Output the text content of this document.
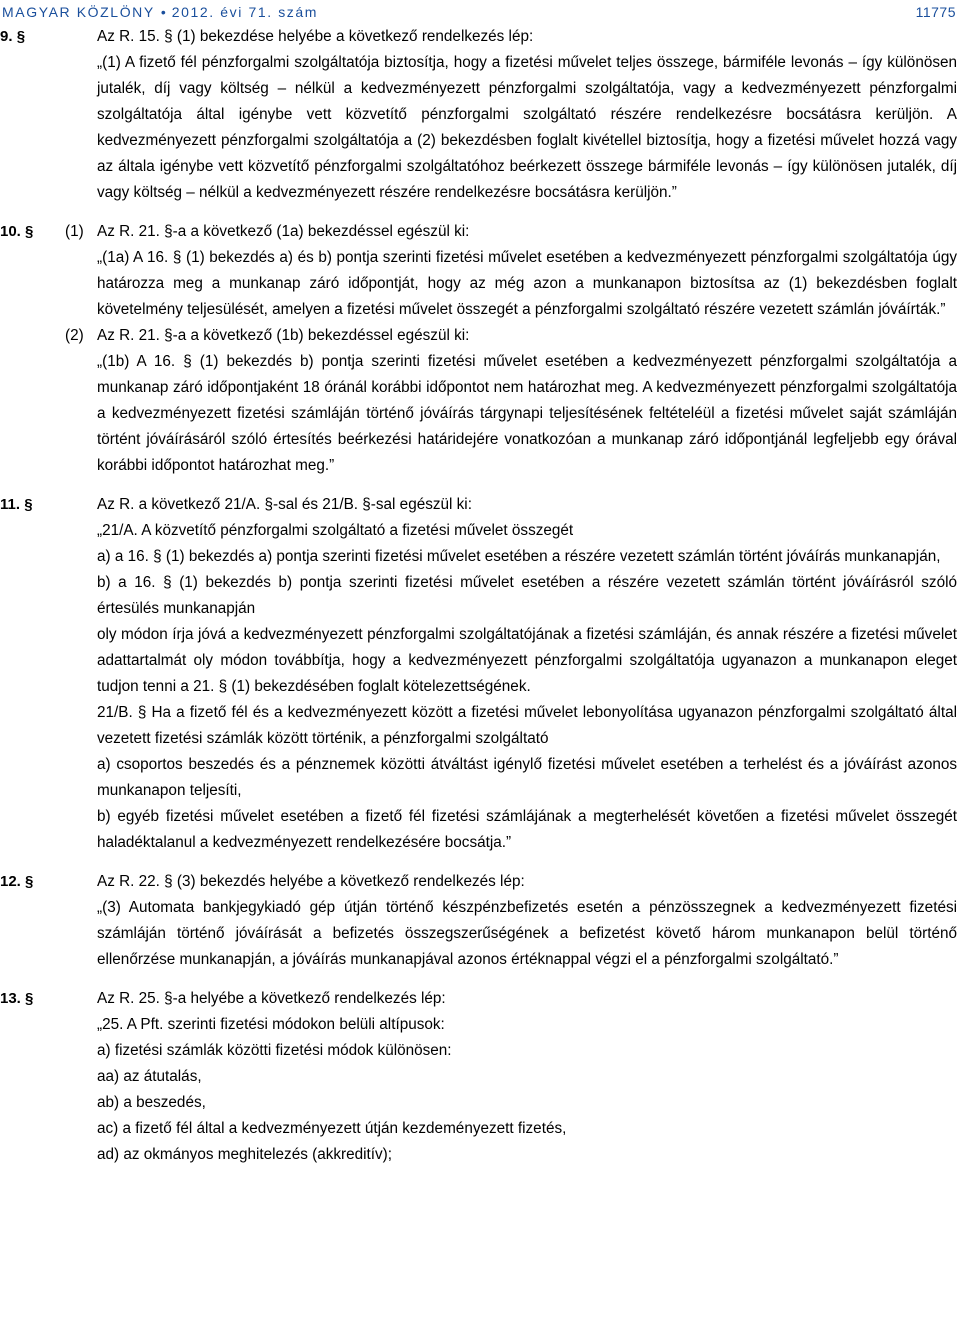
MAGYAR KÖZLÖNY • 2012. évi 71. szám	11775
9. §	Az R. 15. § (1) bekezdése helyébe a következő rendelkezés lép:

„(1) A fizető fél pénzforgalmi szolgáltatója biztosítja, hogy a fizetési művelet teljes összege, bármiféle levonás – így különösen jutalék, díj vagy költség – nélkül a kedvezményezett pénzforgalmi szolgáltatója, vagy a kedvezményezett pénzforgalmi szolgáltatója által igénybe vett közvetítő pénzforgalmi szolgáltató részére rendelkezésre bocsátásra kerüljön. A kedvezményezett pénzforgalmi szolgáltatója a (2) bekezdésben foglalt kivétellel biztosítja, hogy a fizetési művelet hozzá vagy az általa igénybe vett közvetítő pénzforgalmi szolgáltatóhoz beérkezett összege bármiféle levonás – így különösen jutalék, díj vagy költség – nélkül a kedvezményezett részére rendelkezésre bocsátásra kerüljön.”

10. §	(1) Az R. 21. §-a a következő (1a) bekezdéssel egészül ki:

„(1a) A 16. § (1) bekezdés a) és b) pontja szerinti fizetési művelet esetében a kedvezményezett pénzforgalmi szolgáltatója úgy határozza meg a munkanap záró időpontját, hogy az még azon a munkanapon biztosítsa az (1) bekezdésben foglalt követelmény teljesülését, amelyen a fizetési művelet összegét a pénzforgalmi szolgáltató részére vezetett számlán jóváírták.”

(2) Az R. 21. §-a a következő (1b) bekezdéssel egészül ki:

„(1b) A 16. § (1) bekezdés b) pontja szerinti fizetési művelet esetében a kedvezményezett pénzforgalmi szolgáltatója a munkanap záró időpontjaként 18 óránál korábbi időpontot nem határozhat meg. A kedvezményezett pénzforgalmi szolgáltatója a kedvezményezett fizetési számláján történő jóváírás tárgynapi teljesítésének feltételéül a fizetési művelet saját számláján történt jóváírásáról szóló értesítés beérkezési határidejére vonatkozóan a munkanap záró időpontjánál legfeljebb egy órával korábbi időpontot határozhat meg.”

11. §	Az R. a következő 21/A. §-sal és 21/B. §-sal egészül ki:

„21/A. A közvetítő pénzforgalmi szolgáltató a fizetési művelet összegét

a) a 16. § (1) bekezdés a) pontja szerinti fizetési művelet esetében a részére vezetett számlán történt jóváírás munkanapján,

b) a 16. § (1) bekezdés b) pontja szerinti fizetési művelet esetében a részére vezetett számlán történt jóváírásról szóló értesülés munkanapján

oly módon írja jóvá a kedvezményezett pénzforgalmi szolgáltatójának a fizetési számláján, és annak részére a fizetési művelet adattartalmát oly módon továbbítja, hogy a kedvezményezett pénzforgalmi szolgáltatója ugyanazon a munkanapon eleget tudjon tenni a 21. § (1) bekezdésében foglalt kötelezettségének.

21/B. § Ha a fizető fél és a kedvezményezett között a fizetési művelet lebonyolítása ugyanazon pénzforgalmi szolgáltató által vezetett fizetési számlák között történik, a pénzforgalmi szolgáltató

a) csoportos beszedés és a pénznemek közötti átváltást igénylő fizetési művelet esetében a terhelést és a jóváírást azonos munkanapon teljesíti,

b) egyéb fizetési művelet esetében a fizető fél fizetési számlájának a megterhelését követően a fizetési művelet összegét haladéktalanul a kedvezményezett rendelkezésére bocsátja.”

12. §	Az R. 22. § (3) bekezdés helyébe a következő rendelkezés lép:

„(3) Automata bankjegykiadó gép útján történő készpénzbefizetés esetén a pénzösszegnek a kedvezményezett fizetési számláján történő jóváírását a befizetés összegszerűségének a befizetést követő három munkanapon belül történő ellenőrzése munkanapján, a jóváírás munkanapjával azonos értéknappal végzi el a pénzforgalmi szolgáltató.”

13. §	Az R. 25. §-a helyébe a következő rendelkezés lép:

„25. A Pft. szerinti fizetési módokon belüli altípusok:

a) fizetési számlák közötti fizetési módok különösen:

aa) az átutalás,

ab) a beszedés,

ac) a fizető fél által a kedvezményezett útján kezdeményezett fizetés,

ad) az okmányos meghitelezés (akkreditív);
